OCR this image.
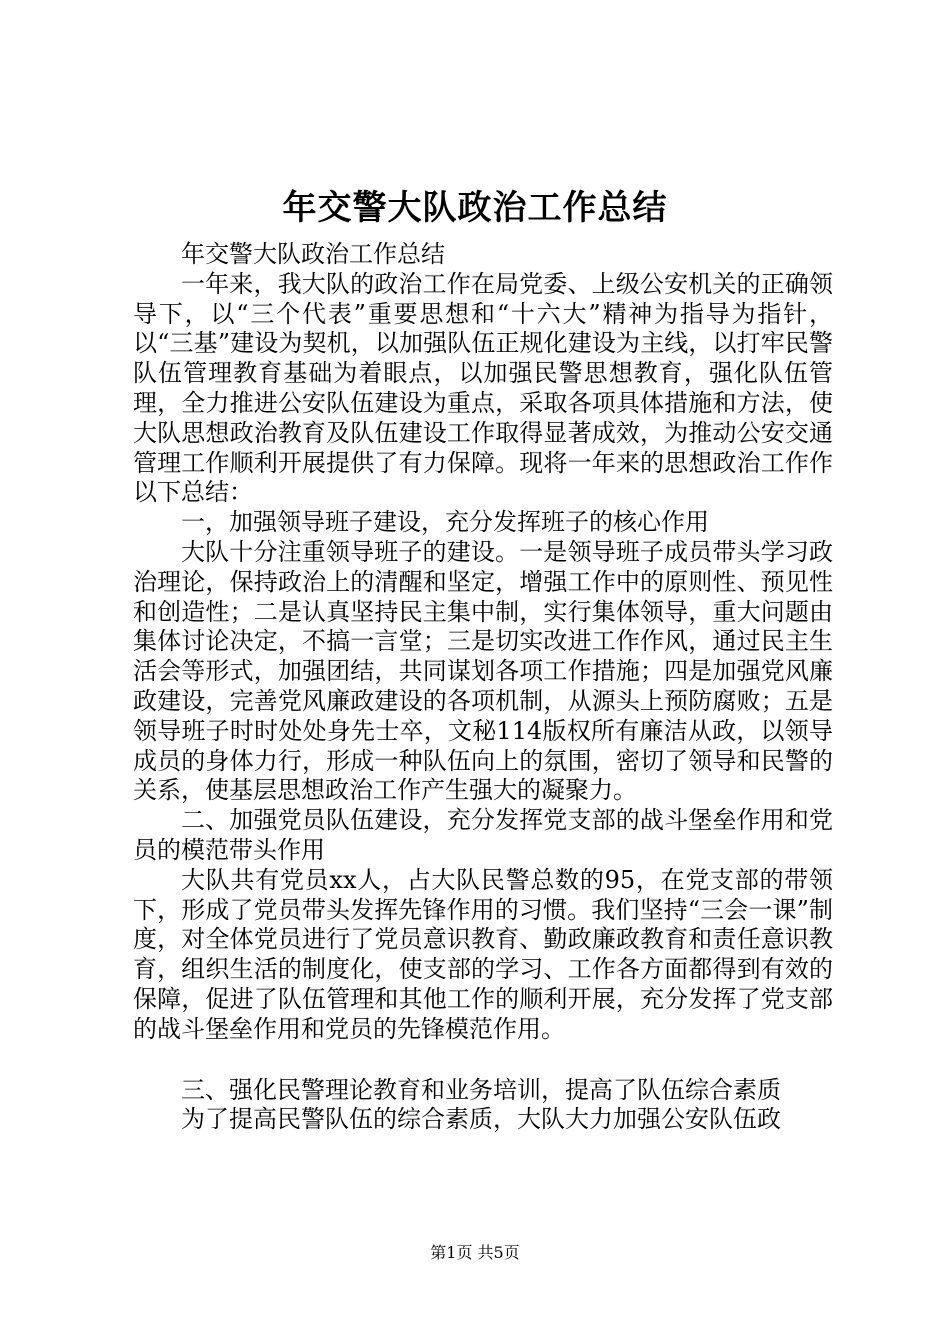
年交警大队政治工作总结

年交警大队政治工作总结

一年来，我大队的政治工作在局党委、上级公安机关的正确领导下，以“三个代表”重要思想和“十六大”精神为指导为指针，以“三基”建设为契机，以加强队伍正规化建设为主线，以打牢民警队伍管理教育基础为着眼点，以加强民警思想教育，强化队伍管理，全力推进公安队伍建设为重点，采取各项具体措施和方法，使大队思想政治教育及队伍建设工作取得显著成效，为推动公安交通管理工作顺利开展提供了有力保障。现将一年来的思想政治工作作以下总结：

一，加强领导班子建设，充分发挥班子的核心作用

大队十分注重领导班子的建设。一是领导班子成员带头学习政治理论，保持政治上的清醒和坚定，增强工作中的原则性、预见性和创造性；二是认真坚持民主集中制，实行集体领导，重大问题由集体讨论决定，不搞一言堂；三是切实改进工作作风，通过民主生活会等形式，加强团结，共同谋划各项工作措施；四是加强党风廉政建设，完善党风廉政建设的各项机制，从源头上预防腐败；五是领导班子时时处处身先士卒，文秘114版权所有廉洁从政，以领导成员的身体力行，形成一种队伍向上的氛围，密切了领导和民警的关系，使基层思想政治工作产生强大的凝聚力。

二、加强党员队伍建设，充分发挥党支部的战斗堡垒作用和党员的模范带头作用

大队共有党员xx人，占大队民警总数的95，在党支部的带领下，形成了党员带头发挥先锋作用的习惯。我们坚持“三会一课”制度，对全体党员进行了党员意识教育、勤政廉政教育和责任意识教育，组织生活的制度化，使支部的学习、工作各方面都得到有效的保障，促进了队伍管理和其他工作的顺利开展，充分发挥了党支部的战斗堡垒作用和党员的先锋模范作用。

三、强化民警理论教育和业务培训，提高了队伍综合素质

为了提高民警队伍的综合素质，大队大力加强公安队伍政

第1页 共5页
